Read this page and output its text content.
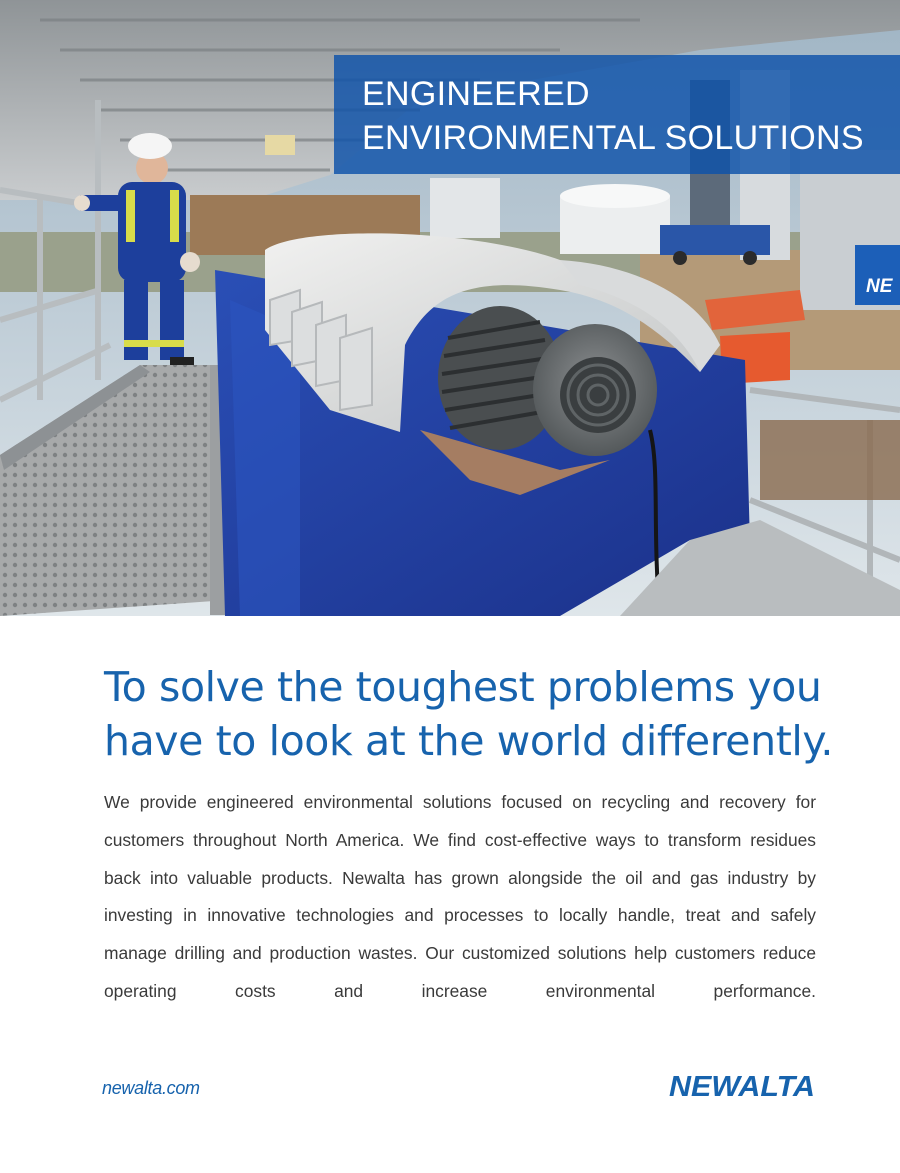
NE
ENGINEERED
ENVIRONMENTAL SOLUTIONS
To solve the toughest problems you
have to look at the world differently.

We provide engineered environmental solutions focused on recycling and recovery for customers throughout North America. We find cost-effective ways to transform residues back into valuable products. Newalta has grown alongside the oil and gas industry by investing in innovative technologies and processes to locally handle, treat and safely manage drilling and production wastes. Our customized solutions help customers reduce operating costs and increase environmental performance.

newalta.com	NEWALTA
